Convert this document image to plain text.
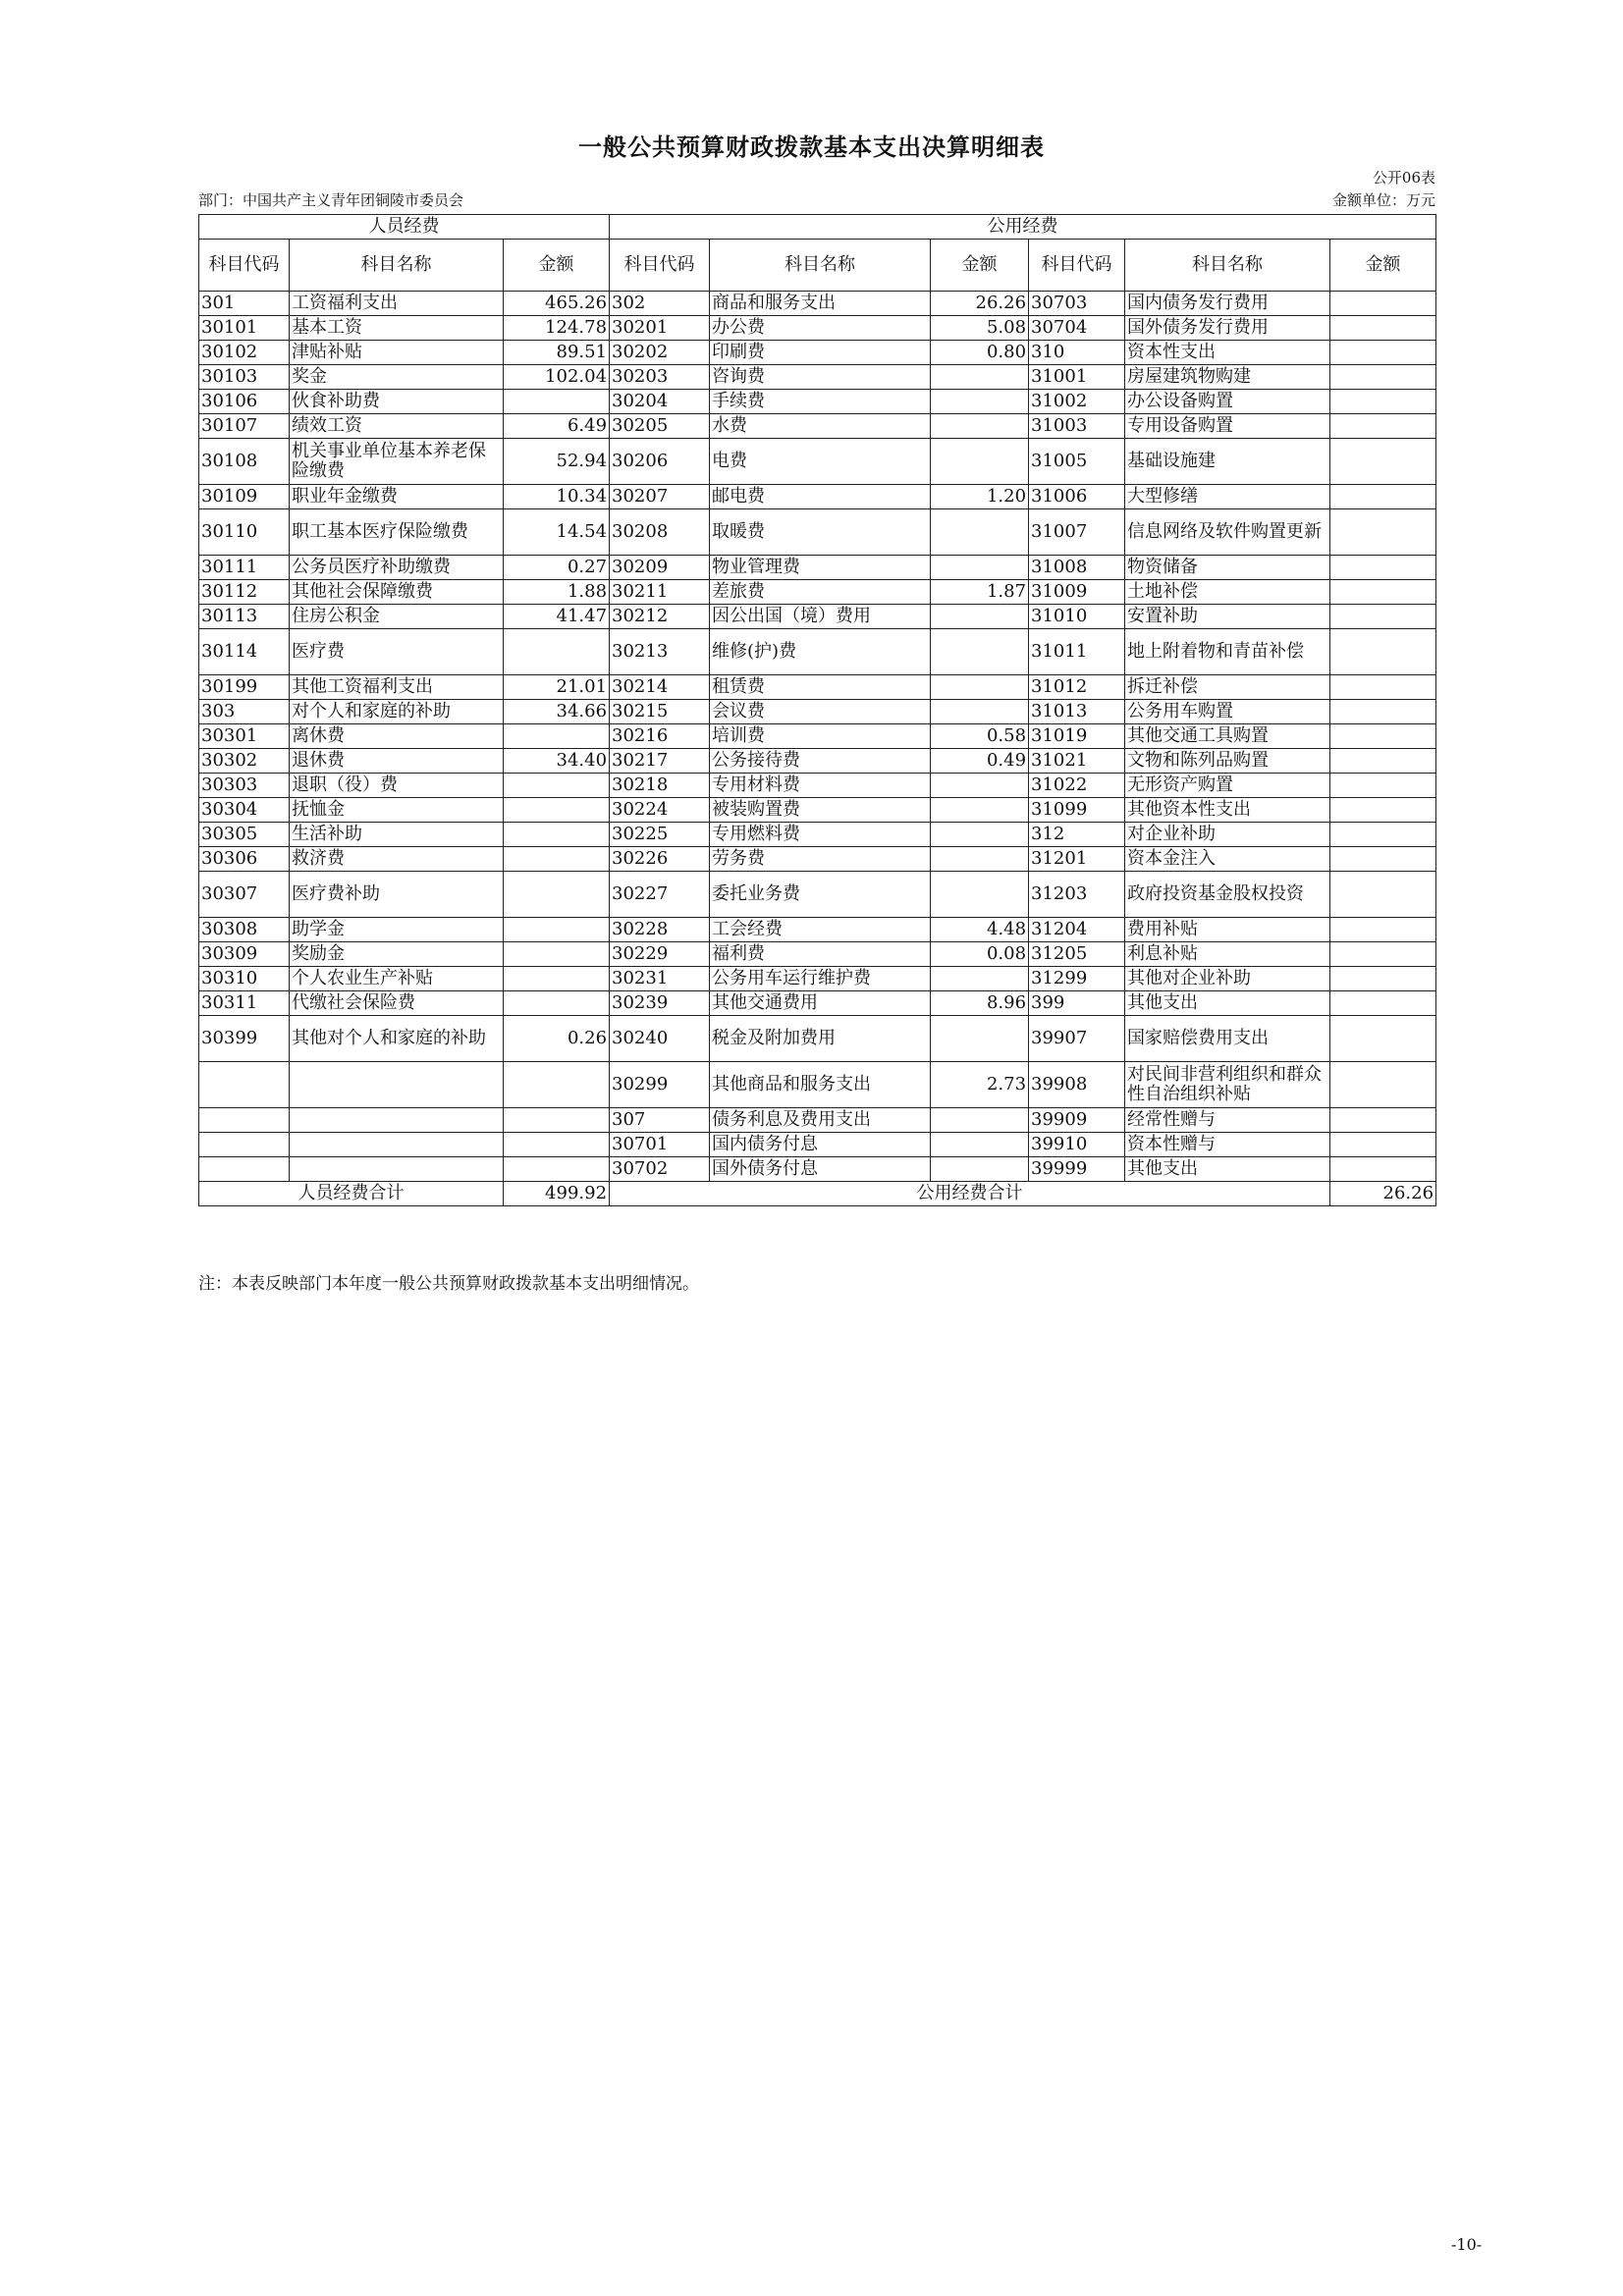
一般公共预算财政拨款基本支出决算明细表
公开06表
部门：中国共产主义青年团铜陵市委员会	金额单位：万元
人员经费			公用经费					
科目代码	科目名称	金额	科目代码	科目名称	金额	科目代码	科目名称	金额
301	工资福利支出	465.26	302	商品和服务支出	26.26	30703	国内债务发行费用	
30101	基本工资	124.78	30201	办公费	5.08	30704	国外债务发行费用	
30102	津贴补贴	89.51	30202	印刷费	0.80	310	资本性支出	
30103	奖金	102.04	30203	咨询费		31001	房屋建筑物购建	
30106	伙食补助费		30204	手续费		31002	办公设备购置	
30107	绩效工资	6.49	30205	水费		31003	专用设备购置	
30108	机关事业单位基本养老保险缴费	52.94	30206	电费		31005	基础设施建	
30109	职业年金缴费	10.34	30207	邮电费	1.20	31006	大型修缮	
30110	职工基本医疗保险缴费	14.54	30208	取暖费		31007	信息网络及软件购置更新	
30111	公务员医疗补助缴费	0.27	30209	物业管理费		31008	物资储备	
30112	其他社会保障缴费	1.88	30211	差旅费	1.87	31009	土地补偿	
30113	住房公积金	41.47	30212	因公出国（境）费用		31010	安置补助	
30114	医疗费		30213	维修(护)费		31011	地上附着物和青苗补偿	
30199	其他工资福利支出	21.01	30214	租赁费		31012	拆迁补偿	
303	对个人和家庭的补助	34.66	30215	会议费		31013	公务用车购置	
30301	离休费		30216	培训费	0.58	31019	其他交通工具购置	
30302	退休费	34.40	30217	公务接待费	0.49	31021	文物和陈列品购置	
30303	退职（役）费		30218	专用材料费		31022	无形资产购置	
30304	抚恤金		30224	被装购置费		31099	其他资本性支出	
30305	生活补助		30225	专用燃料费		312	对企业补助	
30306	救济费		30226	劳务费		31201	资本金注入	
30307	医疗费补助		30227	委托业务费		31203	政府投资基金股权投资	
30308	助学金		30228	工会经费	4.48	31204	费用补贴	
30309	奖励金		30229	福利费	0.08	31205	利息补贴	
30310	个人农业生产补贴		30231	公务用车运行维护费		31299	其他对企业补助	
30311	代缴社会保险费		30239	其他交通费用	8.96	399	其他支出	
30399	其他对个人和家庭的补助	0.26	30240	税金及附加费用		39907	国家赔偿费用支出	
			30299	其他商品和服务支出	2.73	39908	对民间非营利组织和群众性自治组织补贴	
			307	债务利息及费用支出		39909	经常性赠与	
			30701	国内债务付息		39910	资本性赠与	
			30702	国外债务付息		39999	其他支出	
人员经费合计		499.92	公用经费合计					26.26
注：本表反映部门本年度一般公共预算财政拨款基本支出明细情况。
-10-
